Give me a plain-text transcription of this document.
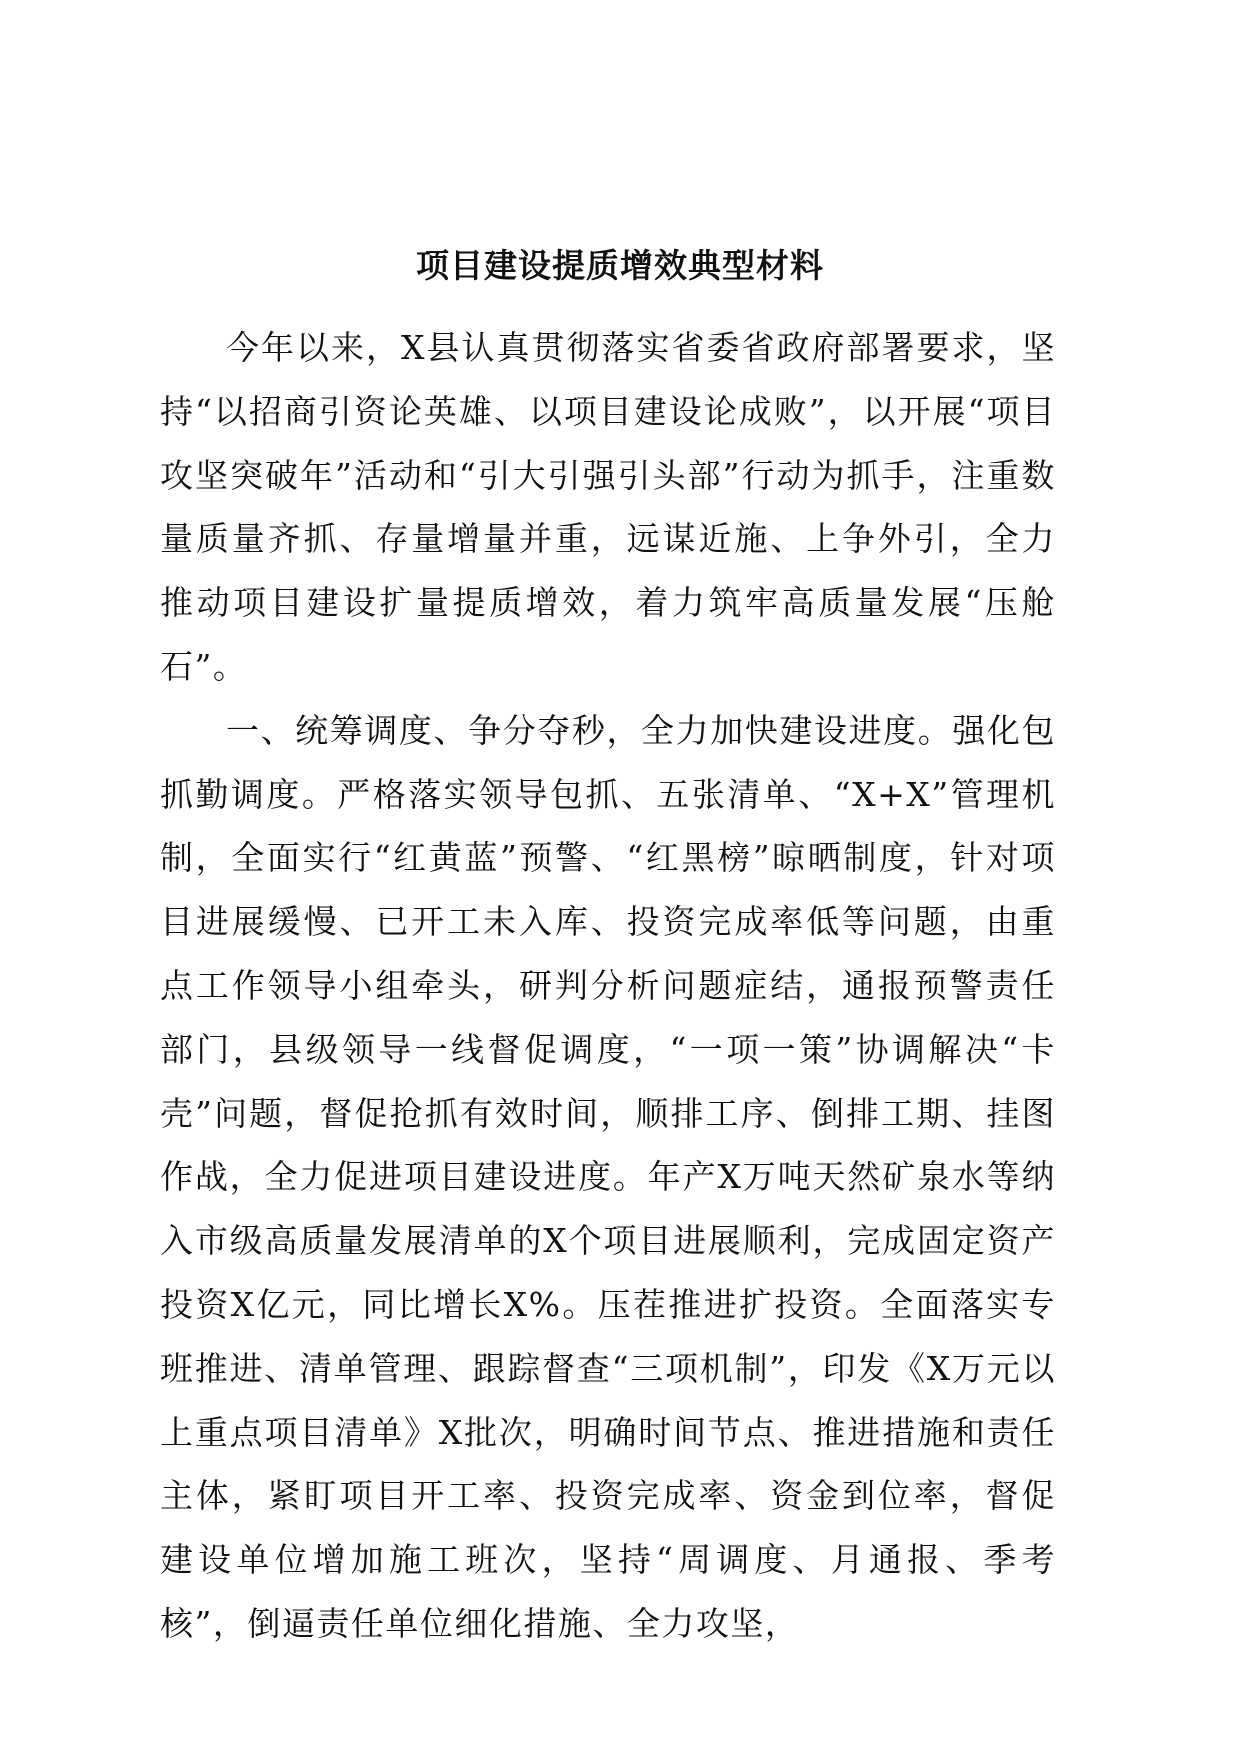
项目建设提质增效典型材料

今年以来，X县认真贯彻落实省委省政府部署要求，坚持“以招商引资论英雄、以项目建设论成败”，以开展“项目攻坚突破年”活动和“引大引强引头部”行动为抓手，注重数量质量齐抓、存量增量并重，远谋近施、上争外引，全力推动项目建设扩量提质增效，着力筑牢高质量发展“压舱石”。

一、统筹调度、争分夺秒，全力加快建设进度。强化包抓勤调度。严格落实领导包抓、五张清单、“X+X”管理机制，全面实行“红黄蓝”预警、“红黑榜”晾晒制度，针对项目进展缓慢、已开工未入库、投资完成率低等问题，由重点工作领导小组牵头，研判分析问题症结，通报预警责任部门，县级领导一线督促调度，“一项一策”协调解决“卡壳”问题，督促抢抓有效时间，顺排工序、倒排工期、挂图作战，全力促进项目建设进度。年产X万吨天然矿泉水等纳入市级高质量发展清单的X个项目进展顺利，完成固定资产投资X亿元，同比增长X%。压茬推进扩投资。全面落实专班推进、清单管理、跟踪督查“三项机制”，印发《X万元以上重点项目清单》X批次，明确时间节点、推进措施和责任主体，紧盯项目开工率、投资完成率、资金到位率，督促建设单位增加施工班次，坚持“周调度、月通报、季考核”，倒逼责任单位细化措施、全力攻坚，
